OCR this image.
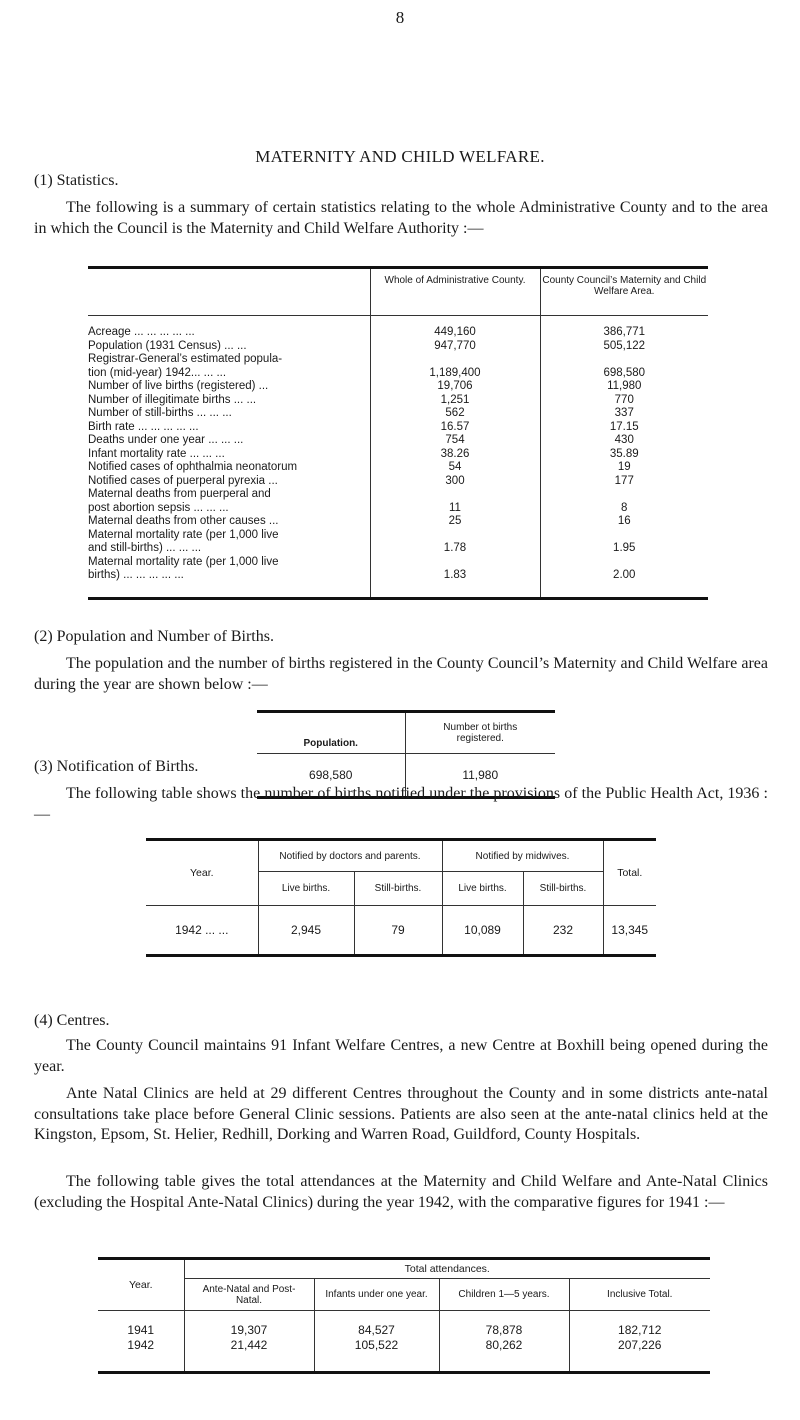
8
MATERNITY AND CHILD WELFARE.
(1) Statistics.
The following is a summary of certain statistics relating to the whole Administrative County and to the area in which the Council is the Maternity and Child Welfare Authority :—
	Whole of Administrative County.	County Council’s Maternity and Child Welfare Area.

Acreage ... ... ... ... ...	449,160	386,771

Population (1931 Census) ... ...	947,770	505,122

Registrar-General’s estimated popula-
tion (mid-year) 1942... ... ...	1,189,400	698,580

Number of live births (registered) ...	19,706	11,980

Number of illegitimate births ... ...	1,251	770

Number of still-births ... ... ...	562	337

Birth rate ... ... ... ... ...	16.57	17.15

Deaths under one year ... ... ...	754	430

Infant mortality rate ... ... ...	38.26	35.89

Notified cases of ophthalmia neonatorum	54	19

Notified cases of puerperal pyrexia ...	300	177

Maternal deaths from puerperal and
post abortion sepsis ... ... ...	11	8

Maternal deaths from other causes ...	25	16

Maternal mortality rate (per 1,000 live
and still-births) ... ... ...	1.78	1.95

Maternal mortality rate (per 1,000 live
births) ... ... ... ... ...	1.83	2.00
(2) Population and Number of Births.
The population and the number of births registered in the County Council’s Maternity and Child Welfare area during the year are shown below :—
Population.	Number ot births registered.
698,580	11,980
(3) Notification of Births.
The following table shows the number of births notified under the provisions of the Public Health Act, 1936 :—
Year.	Notified by doctors and parents.		Notified by midwives.		Total.
	Live births.	Still-births.	Live births.	Still-births.	
1942 ... ...	2,945	79	10,089	232	13,345
(4) Centres.
The County Council maintains 91 Infant Welfare Centres, a new Centre at Boxhill being opened during the year.
Ante Natal Clinics are held at 29 different Centres throughout the County and in some districts ante-natal consultations take place before General Clinic sessions. Patients are also seen at the ante-natal clinics held at the Kingston, Epsom, St. Helier, Redhill, Dorking and Warren Road, Guildford, County Hospitals.
The following table gives the total attendances at the Maternity and Child Welfare and Ante-Natal Clinics (excluding the Hospital Ante-Natal Clinics) during the year 1942, with the comparative figures for 1941 :—
Year.	Total attendances.			
	Ante-Natal and Post-Natal.	Infants under one year.	Children 1—5 years.	Inclusive Total.
1941	19,307	84,527	78,878	182,712
1942	21,442	105,522	80,262	207,226
